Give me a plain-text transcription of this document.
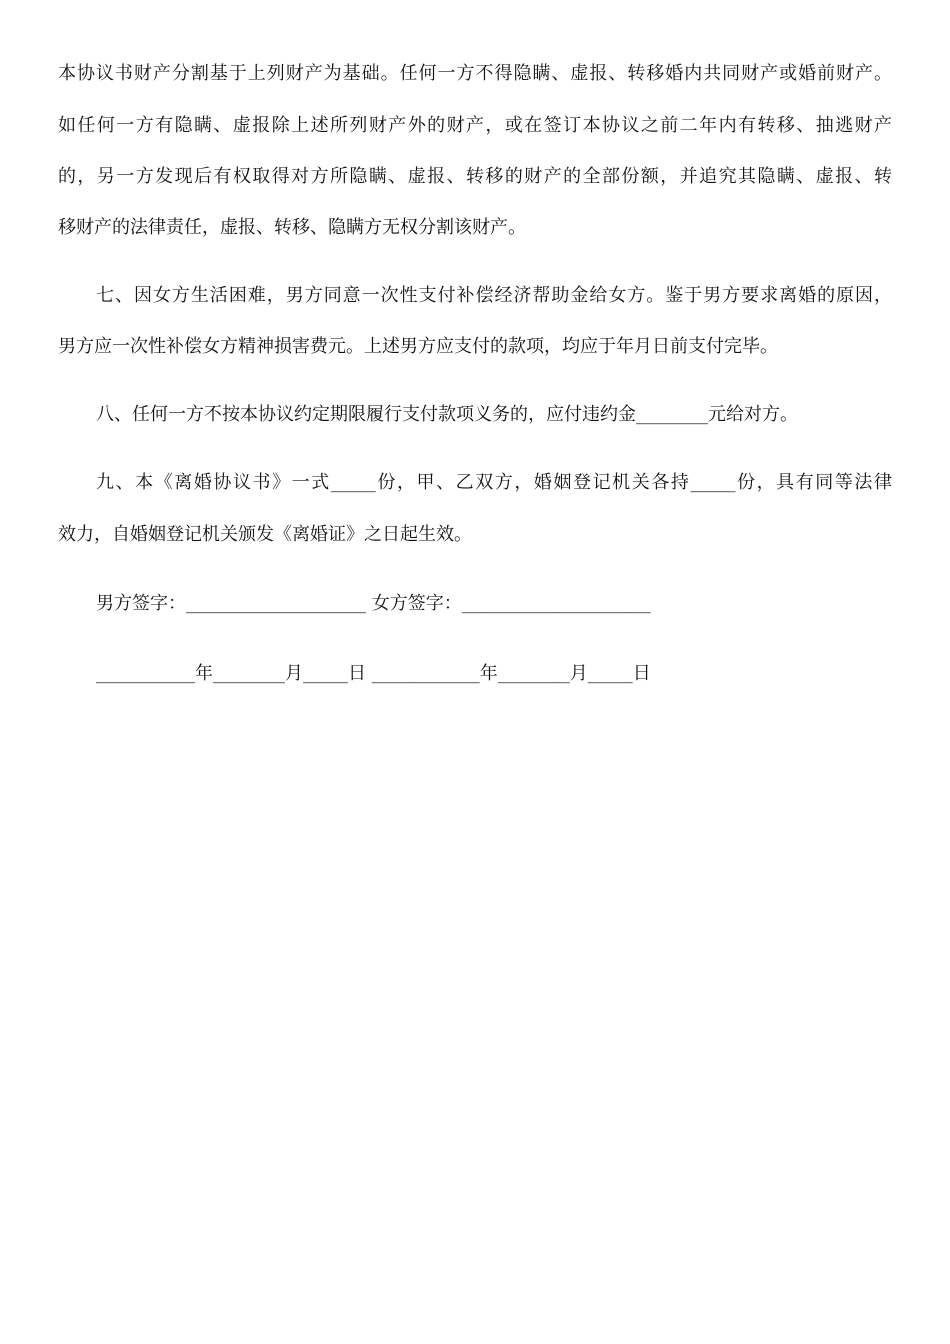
本协议书财产分割基于上列财产为基础。任何一方不得隐瞒、虚报、转移婚内共同财产或婚前财产。
如任何一方有隐瞒、虚报除上述所列财产外的财产，或在签订本协议之前二年内有转移、抽逃财产
的，另一方发现后有权取得对方所隐瞒、虚报、转移的财产的全部份额，并追究其隐瞒、虚报、转
移财产的法律责任，虚报、转移、隐瞒方无权分割该财产。
七、因女方生活困难，男方同意一次性支付补偿经济帮助金给女方。鉴于男方要求离婚的原因，
男方应一次性补偿女方精神损害费元。上述男方应支付的款项，均应于年月日前支付完毕。
八、任何一方不按本协议约定期限履行支付款项义务的，应付违约金________元给对方。
九、本《离婚协议书》一式_____份，甲、乙双方，婚姻登记机关各持_____份，具有同等法律
效力，自婚姻登记机关颁发《离婚证》之日起生效。
男方签字：____________________ 女方签字：_____________________
___________年________月_____日 ____________年________月_____日
